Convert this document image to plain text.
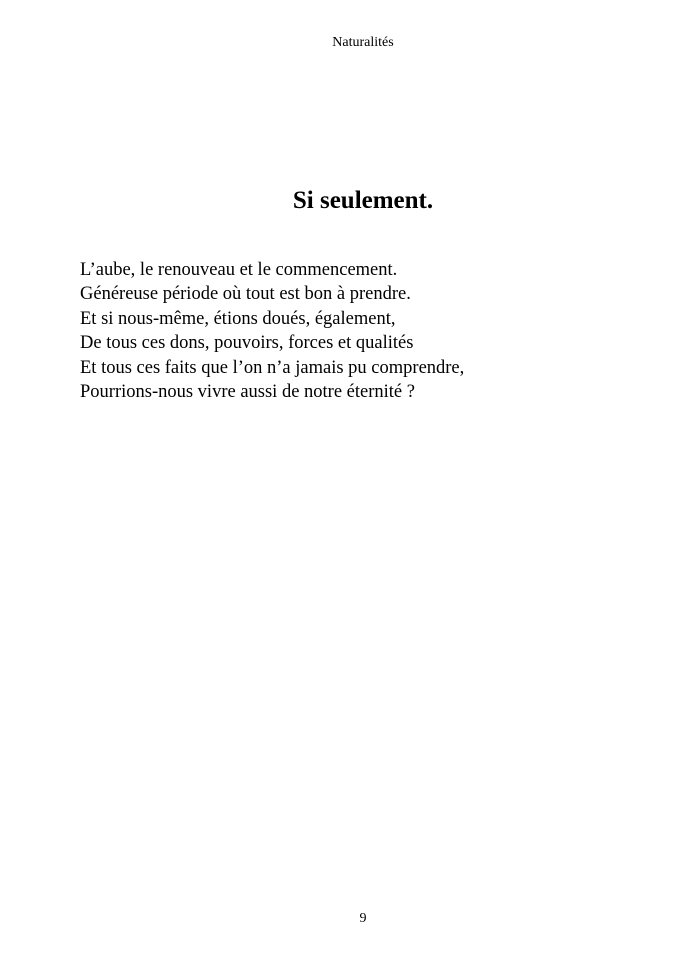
Naturalités
Si seulement.
L’aube, le renouveau et le commencement.
Généreuse période où tout est bon à prendre.
Et si nous-même, étions doués, également,
De tous ces dons, pouvoirs, forces et qualités
Et tous ces faits que l’on n’a jamais pu comprendre,
Pourrions-nous vivre aussi de notre éternité ?
9
